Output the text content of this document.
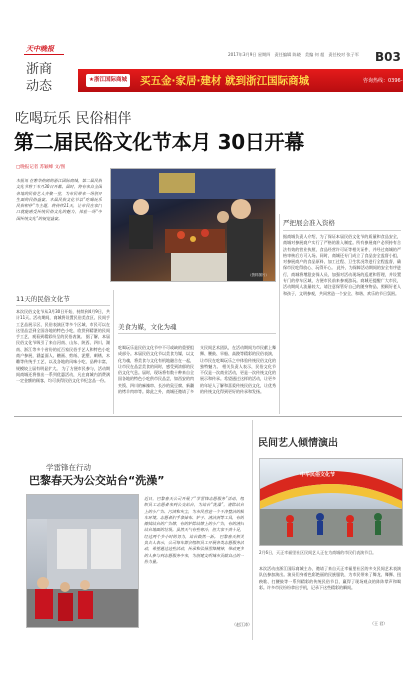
天中晚报
浙商
动态
2017年3月9日 星期四 责任编辑 陈晓 美编 何 超 责任校对 张子军 B03
★浙江国际商城 买五金·家居·建材 就到浙江国际商城	咨询热线：0396-
吃喝玩乐 民俗相伴
第二届民俗文化节本月 30日开幕
□晚报记者 苏颖峰 文/图
本报讯 在繁华热闹的浙江国际商城，第二届民俗文化节将于本月30日开幕。届时，将有来自全国各地的民俗艺人齐聚一堂，为市民带来一场别开生面的民俗盛宴。本届民俗文化节以“吃喝玩乐 民俗相伴”为主题，将持续11天，让市民在家门口就能感受传统民俗文化的魅力，体验一场“中国传统文化”的视觉盛宴。
（资料图片）
严把展会准入资格
据商城负责人介绍，为了保证本届民俗文化节的质量和食品安全，商城对参展商户实行了严格的准入制度。所有参展商户必须持有合法有效的营业执照、食品经营许可证等相关证件，并经过商城的严格审核后方可入场。同时，商城还专门成立了食品安全监督小组，对参展商户的食品原料、加工过程、卫生状况等进行全程监督，确保市民吃得放心、玩得开心。 此外，为保障活动期间的安全有序进行，商城将增派安保人员，加强对活动现场的巡逻和管理，并设置专门的停车区域，方便市民前来参观游玩。商城还提醒广大市民，活动期间人流量较大，请注意保管好自己的随身物品，照顾好老人和孩子，文明参观，共同营造一个安全、和谐、欢乐的节日氛围。
11天的民俗文化节
本次民俗文化节从3月30日开始，持续到4月9日，共计11天。活动期间，商城将设置民俗美食区、民间手工艺品展示区、民俗表演区等多个区域，市民可以在这里品尝到全国各地的特色小吃，欣赏到精湛的民间手工艺，观看到精彩纷呈的民俗表演。 据了解，本届民俗文化节吸引了来自河南、山东、陕西、四川、湖南、浙江等多个省份的近百家民俗手艺人和特色小吃商户参展，涵盖面人、糖画、剪纸、泥塑、刺绣、木雕等传统手工艺，以及各地的风味小吃，品种丰富，规模较上届有明显扩大。 为了方便市民参与，活动期间商城还将推出一系列优惠活动，凡在商城内消费满一定金额的顾客，均可获得民俗文化节纪念品一份。
美食为媒，文化为魂
吃喝玩乐是民俗文化节中不可或缺的重要组成部分。本届民俗文化节以美食为媒，以文化为魂，将美食与文化有机地融合在一起，让市民在品尝美食的同时，感受到浓郁的民俗文化气息。届时，现场将有数十种来自全国各地的特色小吃供市民品尝，如西安的肉夹馍、四川的麻辣串、长沙的臭豆腐、新疆的烤羊肉串等。除此之外，商城还邀请了多支民间艺术团队，在活动期间为市民献上舞狮、腰鼓、旱船、高跷等精彩的民俗表演，让市民在吃喝玩乐之中体验传统民俗文化的独特魅力。 相关负责人表示，民俗文化节不仅是一次商业活动，更是一次传统文化的展示和传承。希望通过这样的活动，让更多的年轻人了解和喜爱传统民俗文化，让优秀的传统文化得到更好的传承和发扬。
学雷锋在行动
巴黎春天为公交站台“洗澡”
近日，巴黎春天公司开展了“学雷锋志愿服务”活动，组织员工志愿者来到公交站台，为站台“洗澡”，清除站台上的小广告、污渍和灰尘，为市民营造一个干净整洁的候车环境。志愿者们手拿抹布、铲子、清洁剂等工具，有的擦拭站台的广告牌，有的铲除站牌上的小广告，有的清扫站台地面的垃圾。虽然天气有些寒冷，但大家干劲十足，经过两个多小时的努力，站台焕然一新。 巴黎春天相关负责人表示，公司每年都会组织员工开展各类志愿服务活动，希望通过这些活动，传承和弘扬雷锋精神，带动更多的人参与到志愿服务中来，为创建文明城市贡献自己的一份力量。
（赵江涛）
民间艺人倾情演出
中华民俗文化节
2月6日，天正幸福里社区民间艺人正在为商城的市民们表演节目。
本次活动由浙江国际商城主办，邀请了来自天正幸福里社区的多支民间艺术表演队伍参加演出。演员们身着色彩艳丽的民族服装，为市民带来了舞龙、舞狮、扭秧歌、打腰鼓等一系列精彩的传统民俗节目，赢得了现场观众的阵阵掌声和喝彩。许多市民纷纷拿出手机，记录下这些精彩的瞬间。
（王 君）
